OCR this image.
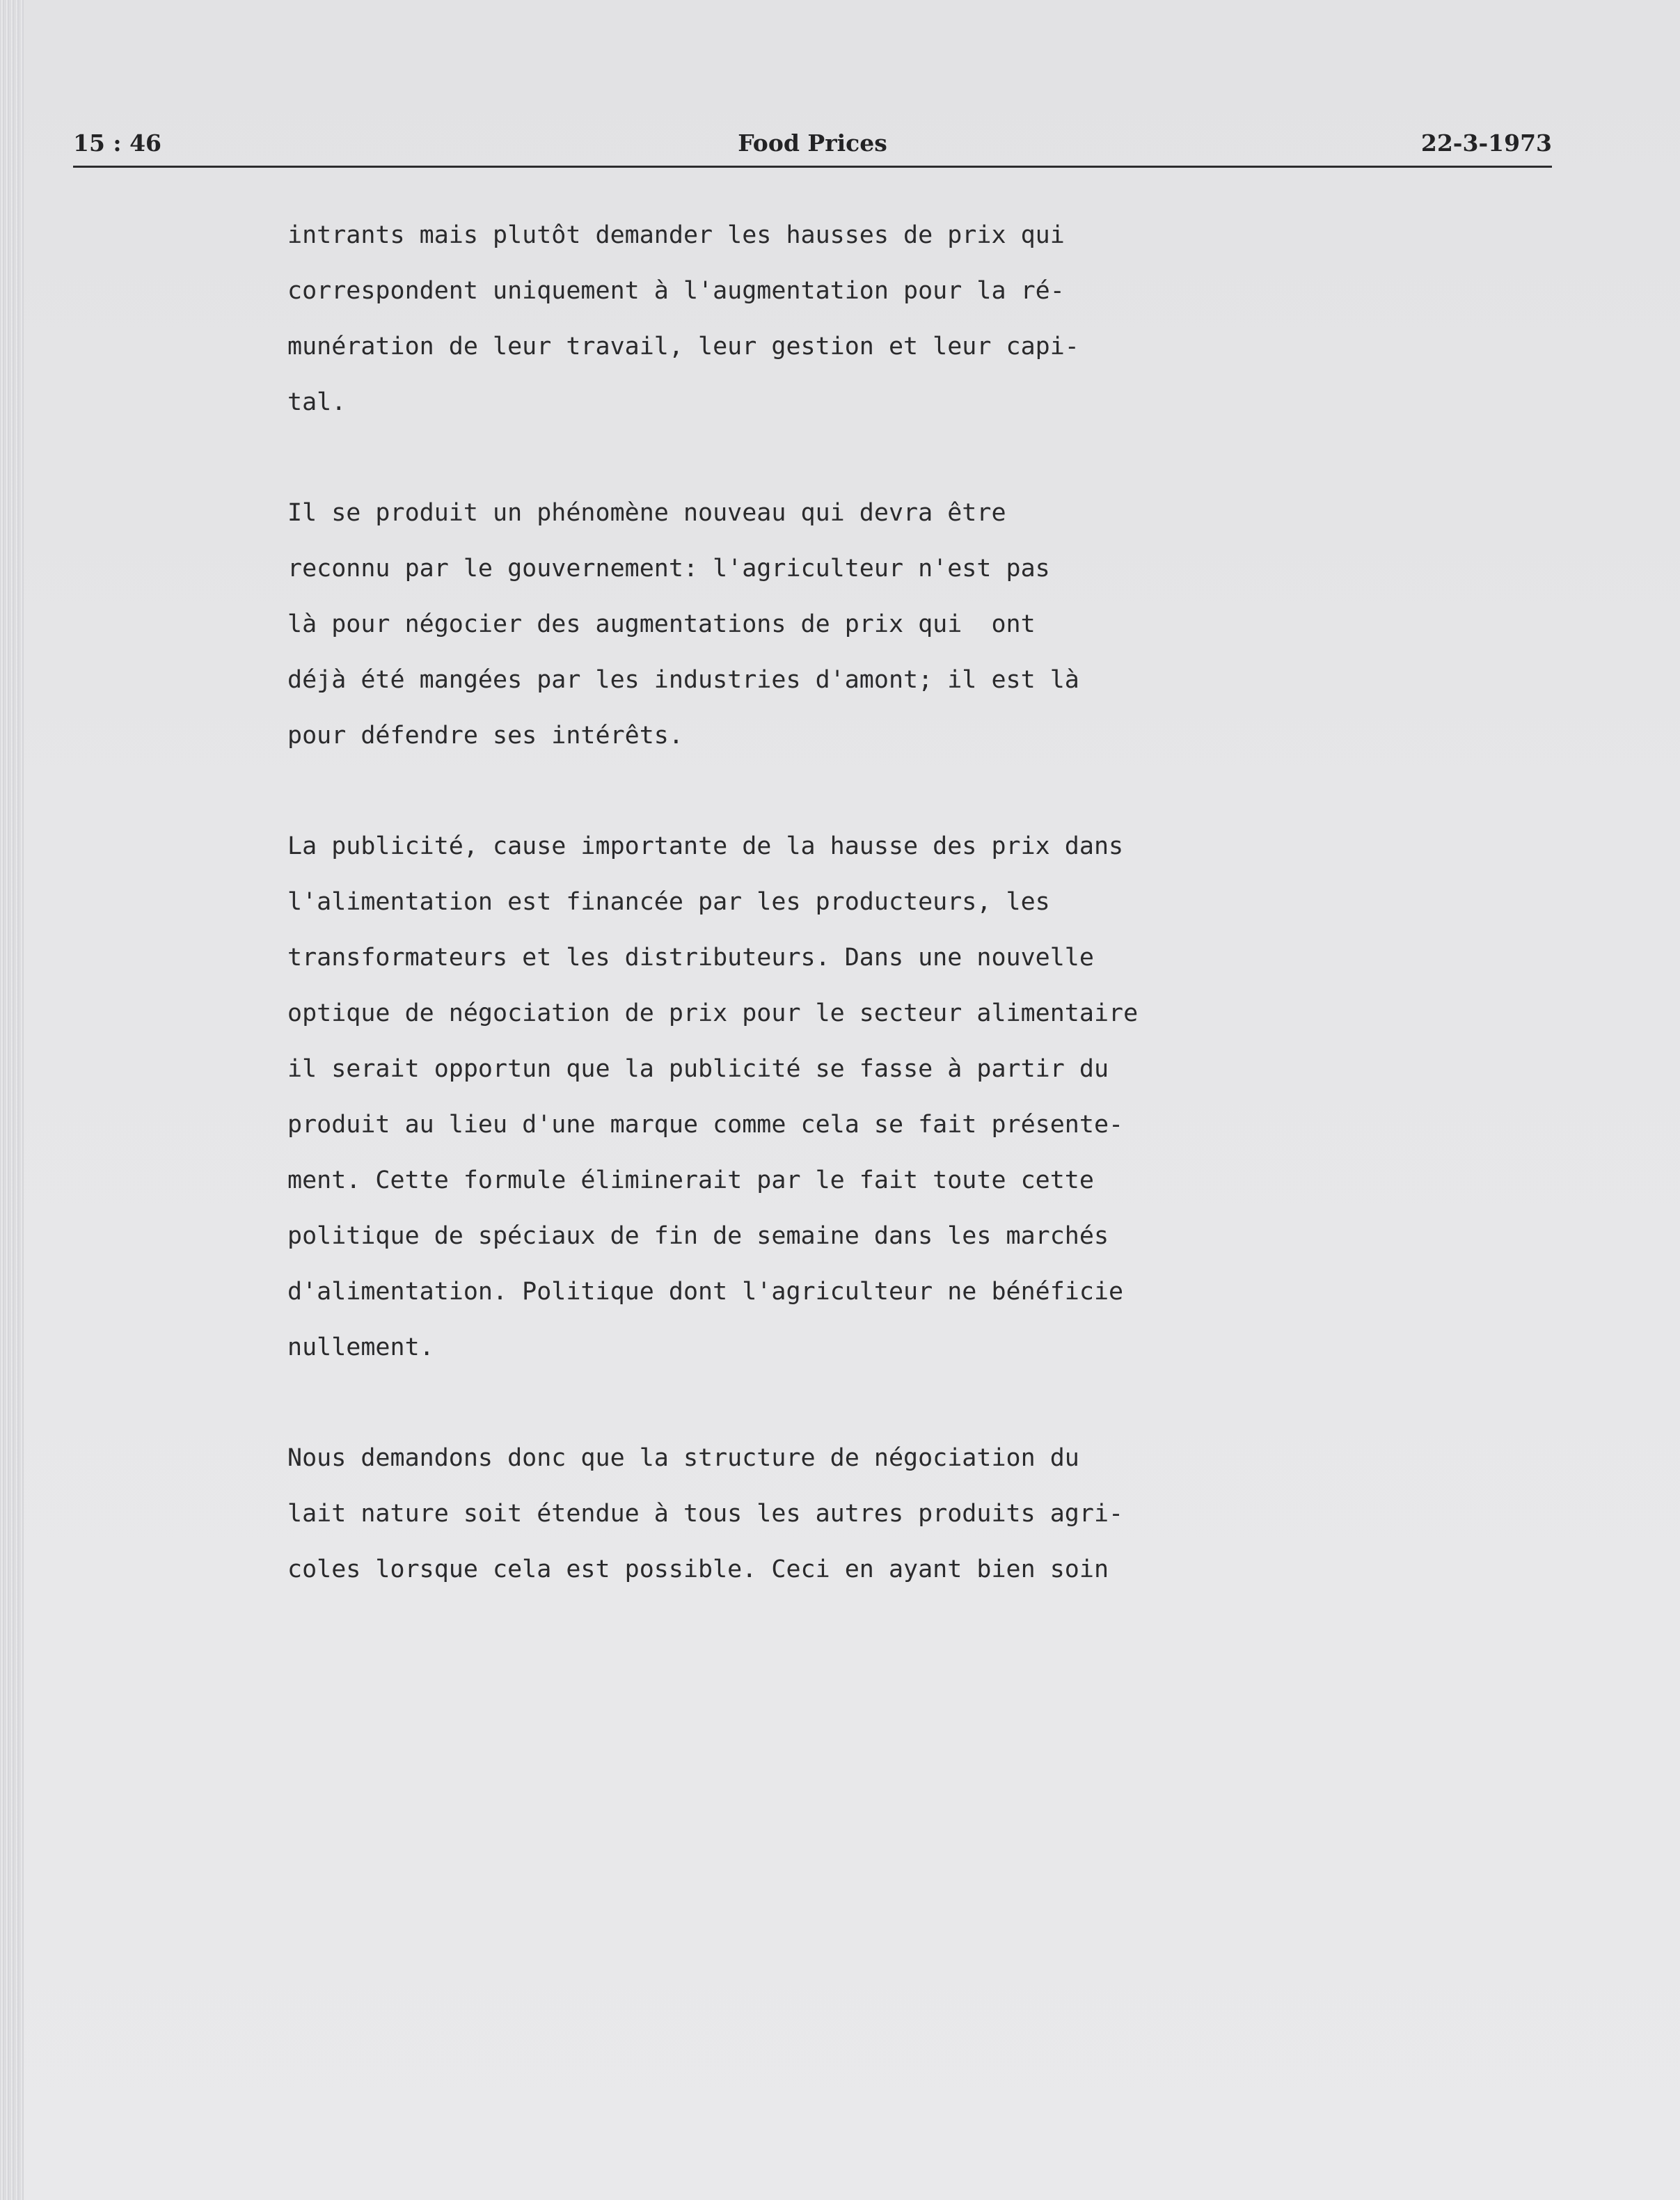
15 : 46	Food Prices	22-3-1973
intrants mais plutôt demander les hausses de prix qui
correspondent uniquement à l'augmentation pour la ré-
munération de leur travail, leur gestion et leur capi-
tal.
Il se produit un phénomène nouveau qui devra être
reconnu par le gouvernement: l'agriculteur n'est pas
là pour négocier des augmentations de prix qui  ont
déjà été mangées par les industries d'amont; il est là
pour défendre ses intérêts.
La publicité, cause importante de la hausse des prix dans
l'alimentation est financée par les producteurs, les
transformateurs et les distributeurs. Dans une nouvelle
optique de négociation de prix pour le secteur alimentaire
il serait opportun que la publicité se fasse à partir du
produit au lieu d'une marque comme cela se fait présente-
ment. Cette formule éliminerait par le fait toute cette
politique de spéciaux de fin de semaine dans les marchés
d'alimentation. Politique dont l'agriculteur ne bénéficie
nullement.
Nous demandons donc que la structure de négociation du
lait nature soit étendue à tous les autres produits agri-
coles lorsque cela est possible. Ceci en ayant bien soin
